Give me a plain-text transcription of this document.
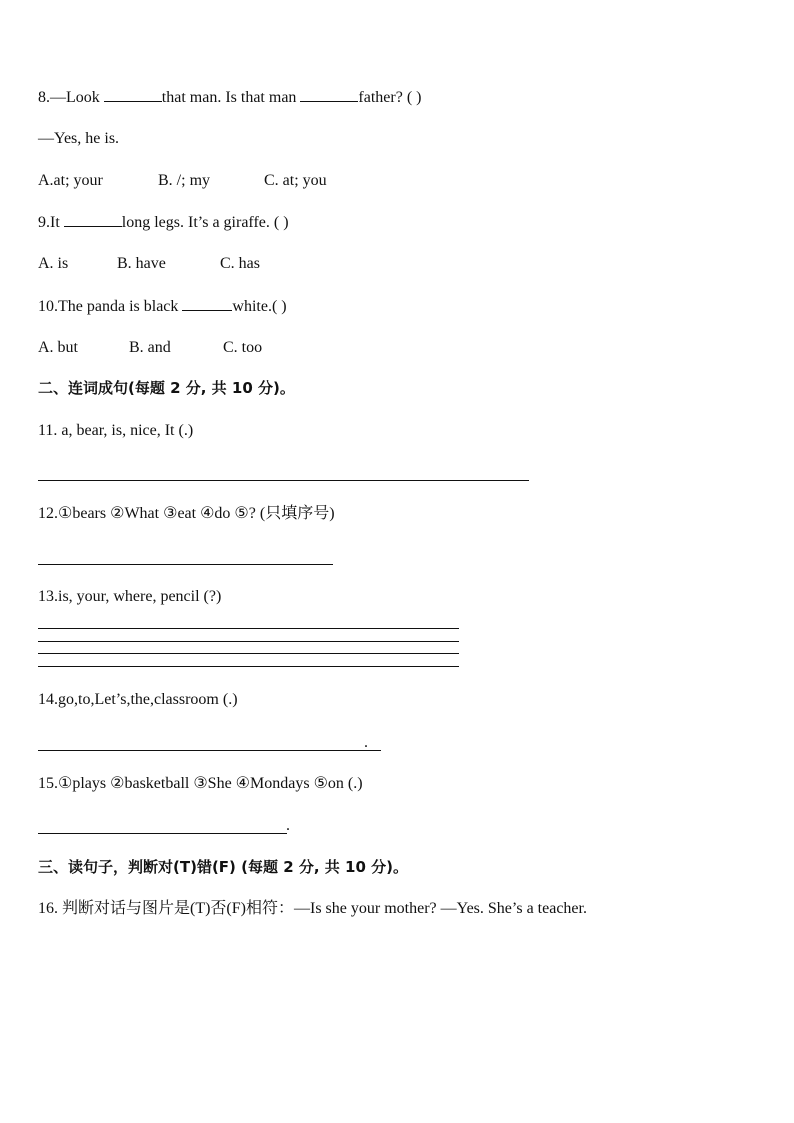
8.—Look	that man. Is that man	father? ( )
—Yes, he is.
A.at; your	B. /; my	C. at; you
9.It	long legs. It’s a giraffe. ( )
A. is	B. have	C. has
10.The panda is black	white.( )
A. but	B. and	C. too
二、连词成句(每题 2 分, 共 10 分)。
11. a, bear, is, nice, It (.)
12.①bears ②What ③eat ④do ⑤? (只填序号)
13.is, your, where, pencil (?)
14.go,to,Let’s,the,classroom (.)
.
15.①plays ②basketball ③She ④Mondays ⑤on (.)
.
三、读句子，判断对(T)错(F) (每题 2 分, 共 10 分)。
16. 判断对话与图片是(T)否(F)相符：—Is she your mother? —Yes. She’s a teacher.
